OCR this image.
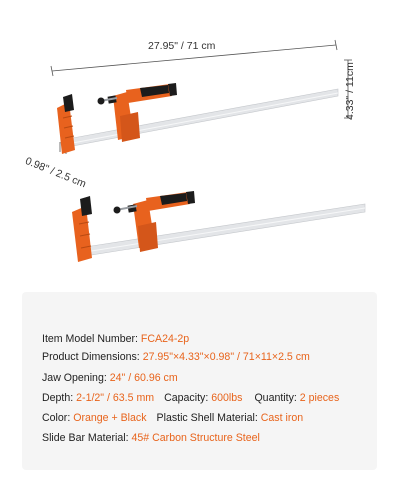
27.95" / 71 cm
4.33" / 11cm
0.98" / 2.5 cm
Item Model Number: FCA24-2p
Product Dimensions: 27.95"×4.33"×0.98" / 71×11×2.5 cm
Jaw Opening: 24" / 60.96 cm
Depth: 2-1/2" / 63.5 mm Capacity: 600lbs Quantity: 2 pieces
Color: Orange + Black Plastic Shell Material: Cast iron
Slide Bar Material: 45# Carbon Structure Steel
